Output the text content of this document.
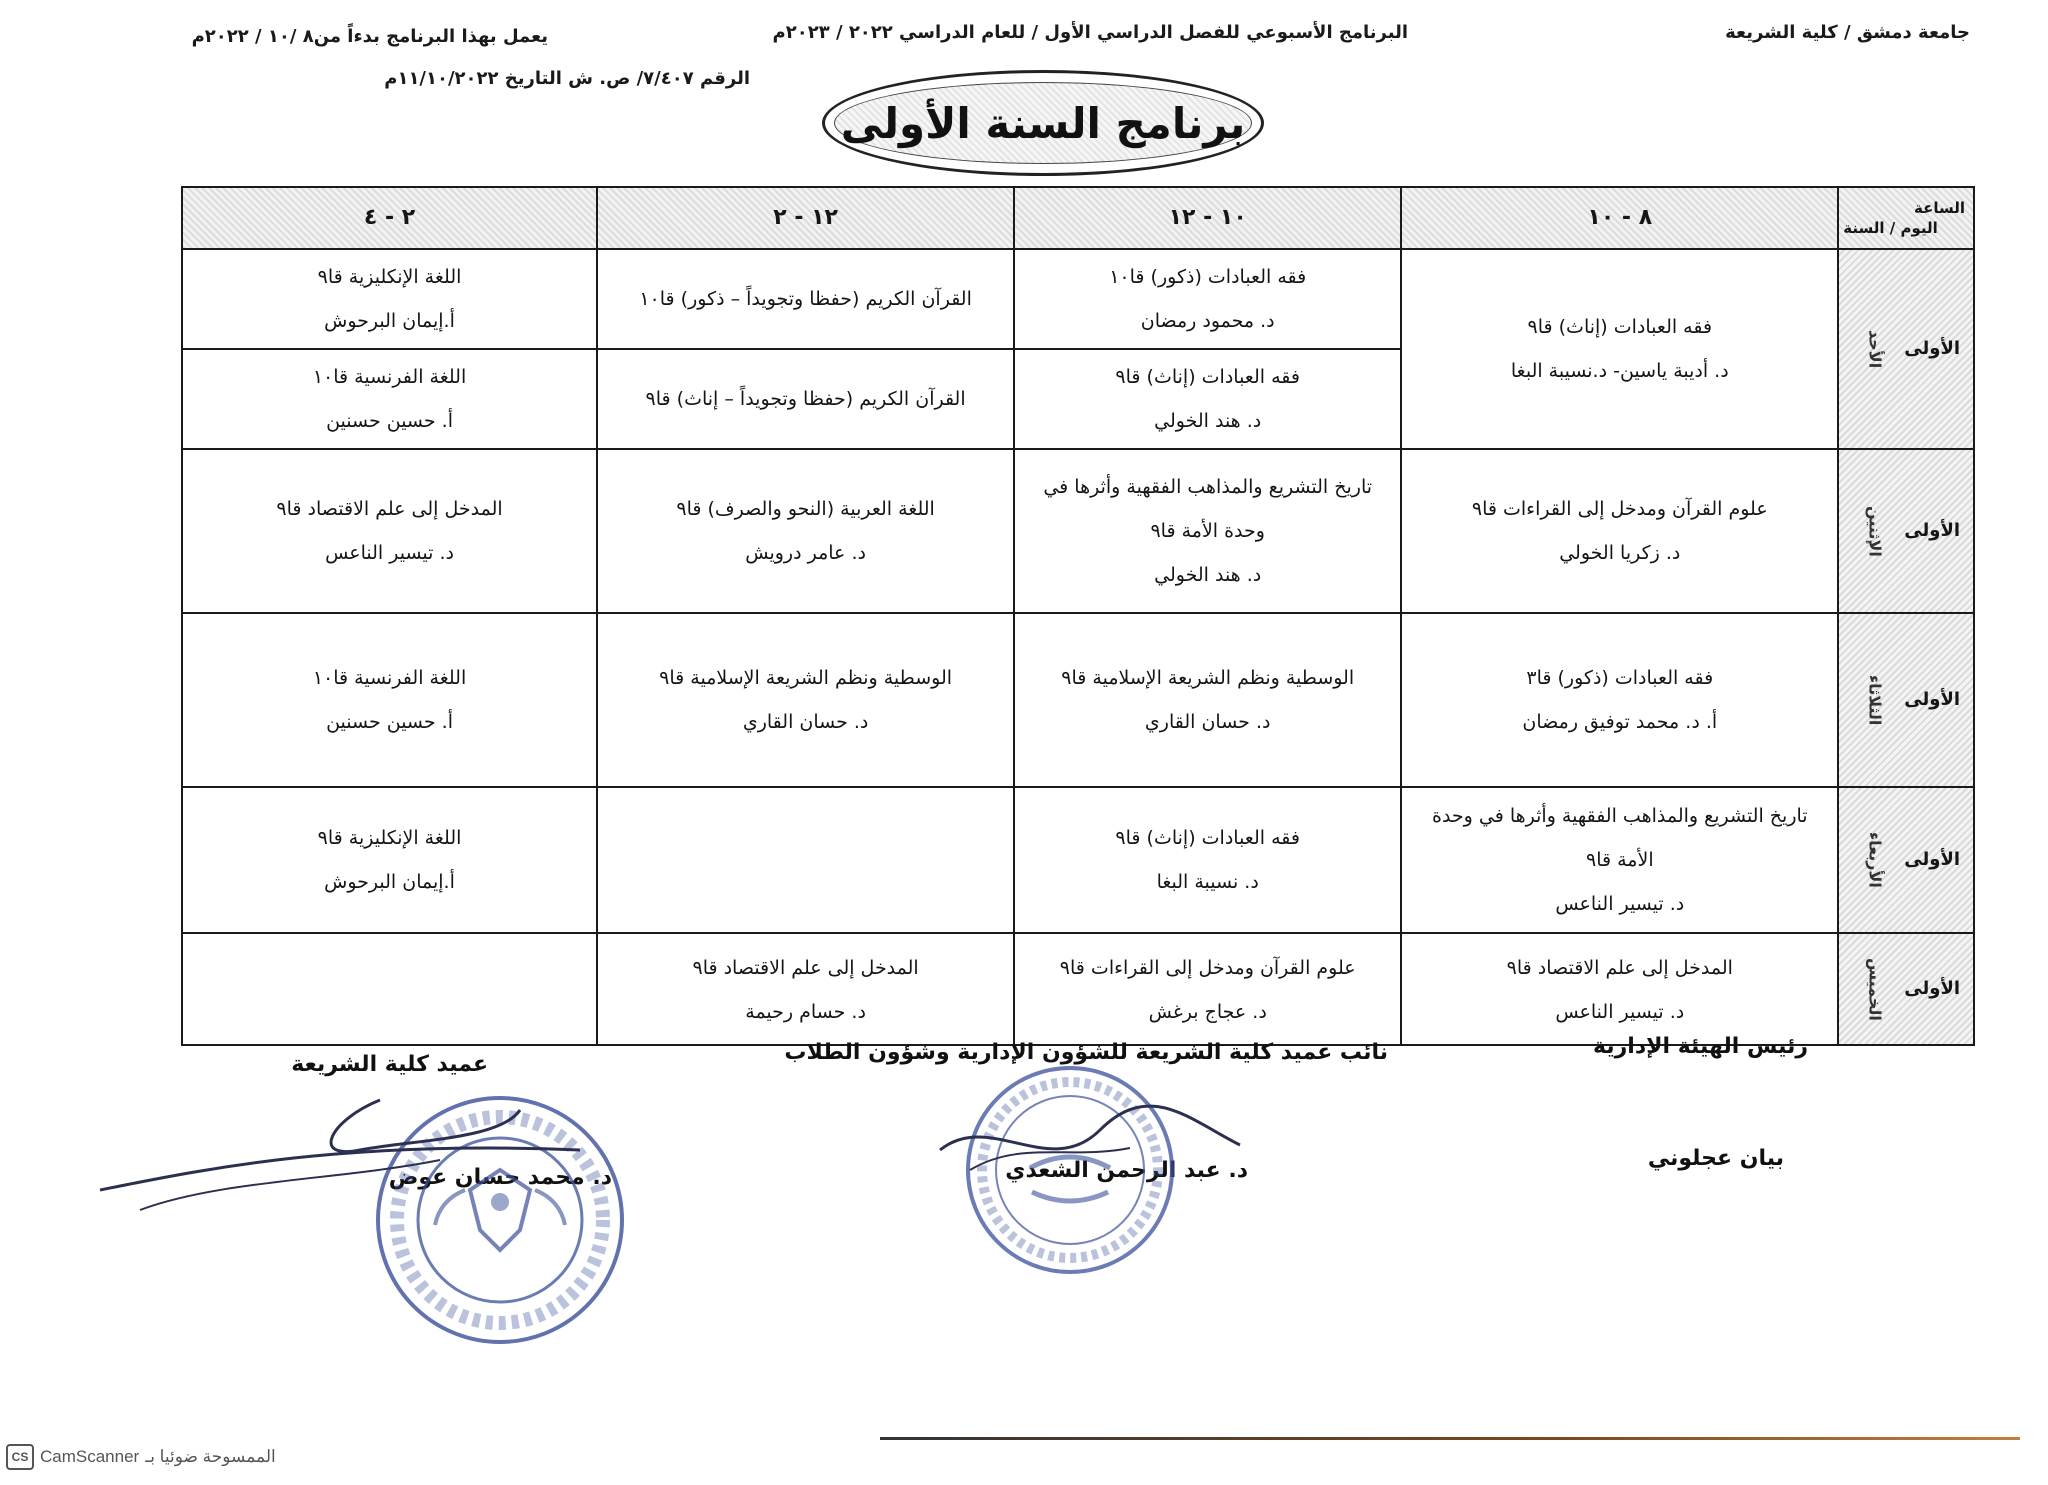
جامعة دمشق / كلية الشريعة
البرنامج الأسبوعي للفصل الدراسي الأول / للعام الدراسي ٢٠٢٢ / ٢٠٢٣م
يعمل بهذا البرنامج بدءاً من٨ /١٠ / ٢٠٢٢م
الرقم ٧/٤٠٧/ ص. ش التاريخ ١١/١٠/٢٠٢٢م
برنامج السنة الأولى
الساعة
اليوم / السنة
٨ - ١٠
١٠ - ١٢
١٢ - ٢
٢ - ٤
الأولى
الأحد
فقه العبادات (إناث) قا٩
د. أديبة ياسين- د.نسيبة البغا
فقه العبادات (ذكور) قا١٠
د. محمود رمضان
فقه العبادات (إناث) قا٩
د. هند الخولي
القرآن الكريم (حفظا وتجويداً – ذكور) قا١٠
القرآن الكريم (حفظا وتجويداً – إناث) قا٩
اللغة الإنكليزية قا٩
أ.إيمان البرحوش
اللغة الفرنسية قا١٠
أ. حسين حسنين
الأولى
الإثنين
علوم القرآن ومدخل إلى القراءات قا٩
د. زكريا الخولي
تاريخ التشريع والمذاهب الفقهية وأثرها في
وحدة الأمة قا٩
د. هند الخولي
اللغة العربية (النحو والصرف) قا٩
د. عامر درويش
المدخل إلى علم الاقتصاد قا٩
د. تيسير الناعس
الأولى
الثلاثاء
فقه العبادات (ذكور) قا٣
أ. د. محمد توفيق رمضان
الوسطية ونظم الشريعة الإسلامية قا٩
د. حسان القاري
الوسطية ونظم الشريعة الإسلامية قا٩
د. حسان القاري
اللغة الفرنسية قا١٠
أ. حسين حسنين
الأولى
الأربعاء
تاريخ التشريع والمذاهب الفقهية وأثرها في وحدة
الأمة قا٩
د. تيسير الناعس
فقه العبادات (إناث) قا٩
د. نسيبة البغا
اللغة الإنكليزية قا٩
أ.إيمان البرحوش
الأولى
الخميس
المدخل إلى علم الاقتصاد قا٩
د. تيسير الناعس
علوم القرآن ومدخل إلى القراءات قا٩
د. عجاج برغش
المدخل إلى علم الاقتصاد قا٩
د. حسام رحيمة
رئيس الهيئة الإدارية
بيان عجلوني
نائب عميد كلية الشريعة للشؤون الإدارية وشؤون الطلاب
د. عبد الرحمن الشعدي
عميد كلية الشريعة
د. محمد حسان عوض
CS CamScanner الممسوحة ضوئيا بـ
